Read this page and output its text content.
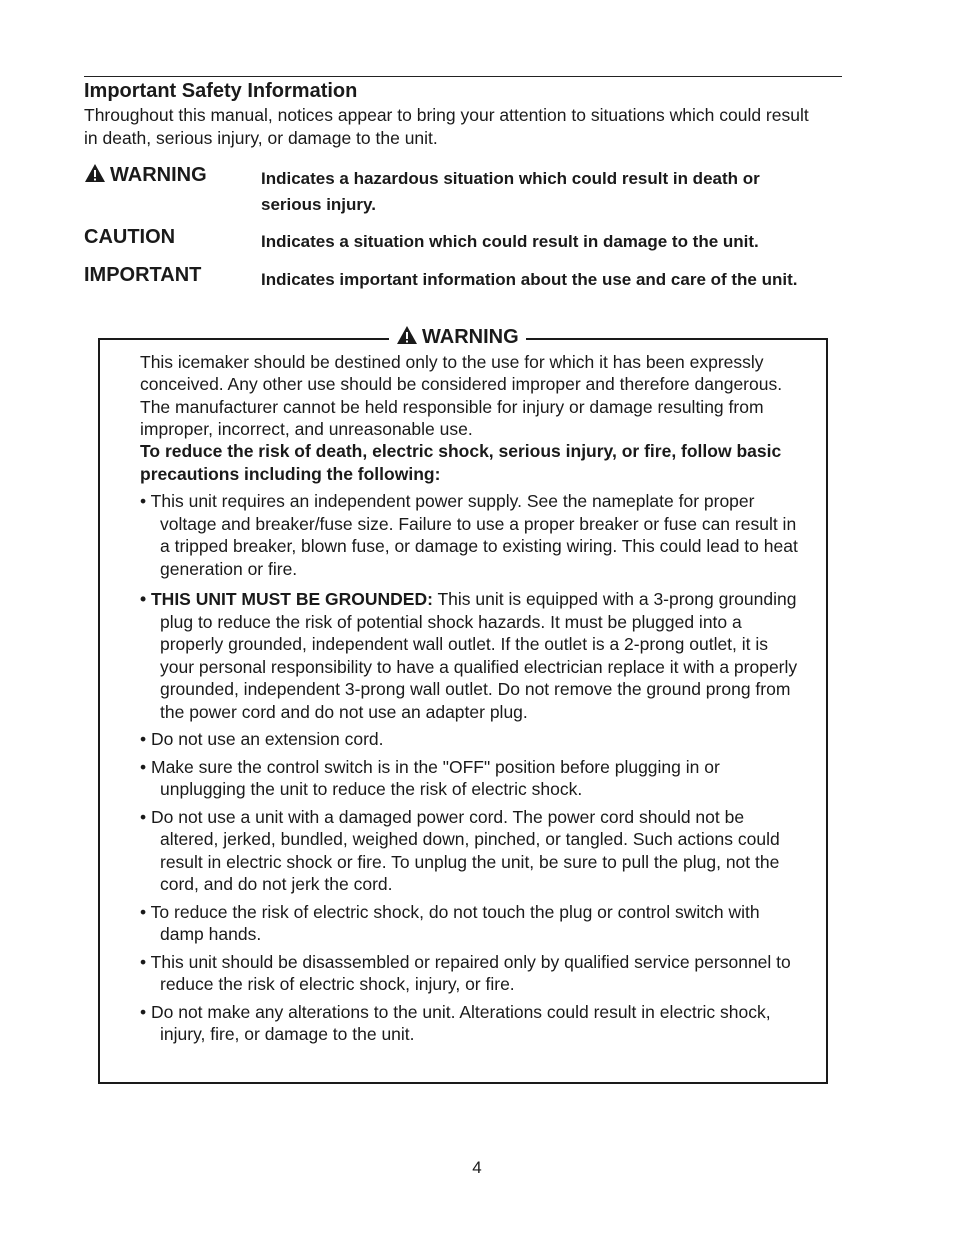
Important Safety Information

Throughout this manual, notices appear to bring your attention to situations which could result in death, serious injury, or damage to the unit.

WARNING	Indicates a hazardous situation which could result in death or serious injury.
CAUTION	Indicates a situation which could result in damage to the unit.
IMPORTANT	Indicates important information about the use and care of the unit.
WARNING
This icemaker should be destined only to the use for which it has been expressly conceived. Any other use should be considered improper and therefore dangerous. The manufacturer cannot be held responsible for injury or damage resulting from improper, incorrect, and unreasonable use.
To reduce the risk of death, electric shock, serious injury, or fire, follow basic precautions including the following:
• This unit requires an independent power supply. See the nameplate for proper voltage and breaker/fuse size. Failure to use a proper breaker or fuse can result in a tripped breaker, blown fuse, or damage to existing wiring. This could lead to heat generation or fire.
• THIS UNIT MUST BE GROUNDED: This unit is equipped with a 3-prong grounding plug to reduce the risk of potential shock hazards. It must be plugged into a properly grounded, independent wall outlet. If the outlet is a 2-prong outlet, it is your personal responsibility to have a qualified electrician replace it with a properly grounded, independent 3-prong wall outlet. Do not remove the ground prong from the power cord and do not use an adapter plug.
• Do not use an extension cord.
• Make sure the control switch is in the "OFF" position before plugging in or unplugging the unit to reduce the risk of electric shock.
• Do not use a unit with a damaged power cord. The power cord should not be altered, jerked, bundled, weighed down, pinched, or tangled. Such actions could result in electric shock or fire. To unplug the unit, be sure to pull the plug, not the cord, and do not jerk the cord.
• To reduce the risk of electric shock, do not touch the plug or control switch with damp hands.
• This unit should be disassembled or repaired only by qualified service personnel to reduce the risk of electric shock, injury, or fire.
• Do not make any alterations to the unit. Alterations could result in electric shock, injury, fire, or damage to the unit.
4
